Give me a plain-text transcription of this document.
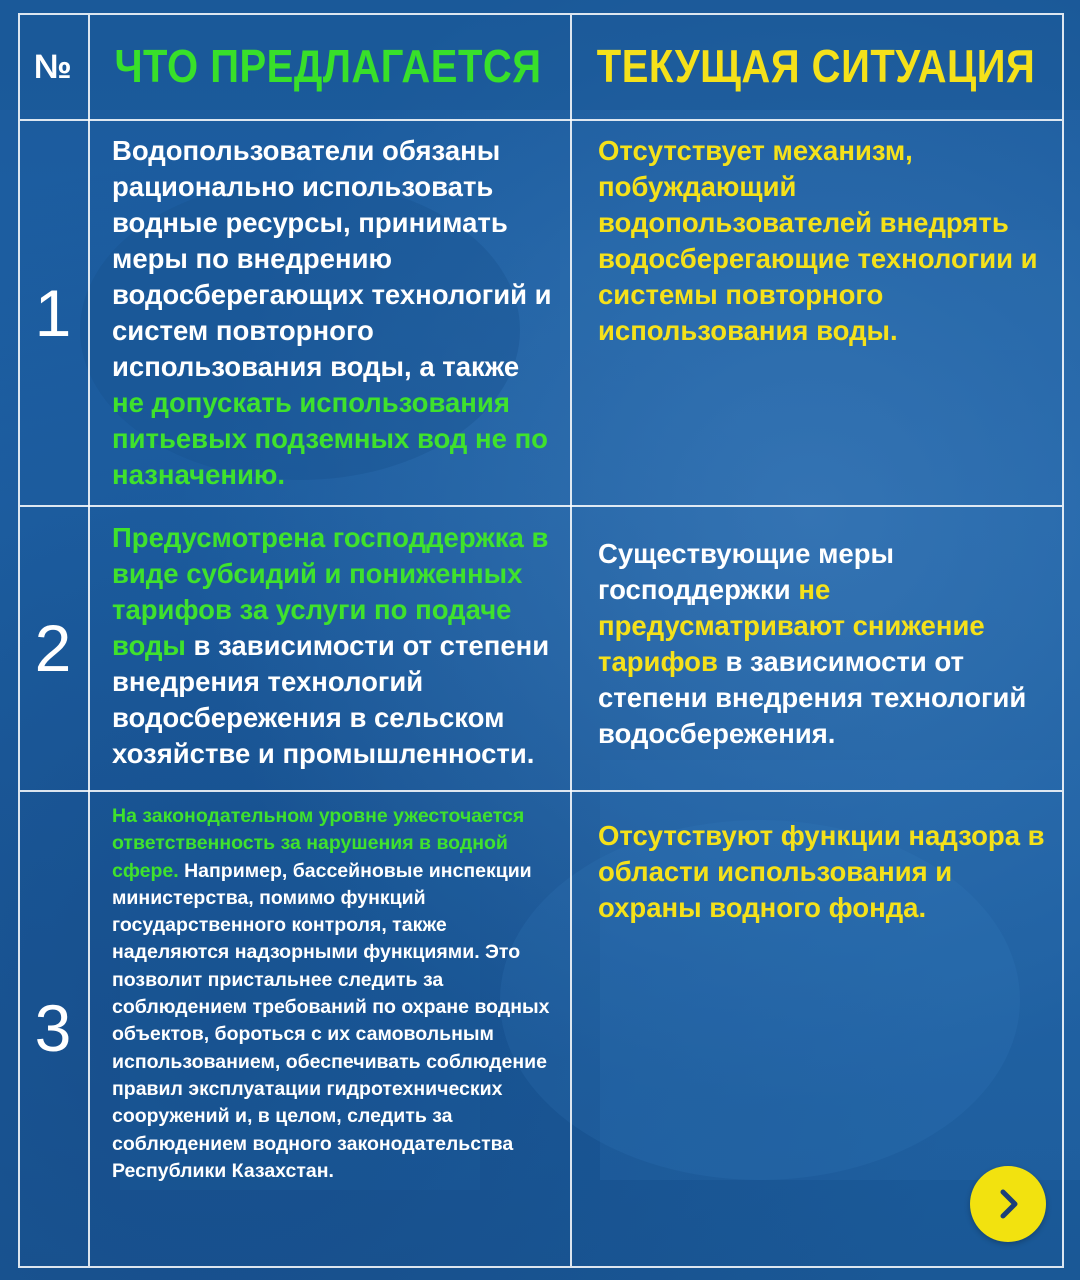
№ ЧТО ПРЕДЛАГАЕТСЯ ТЕКУЩАЯ СИТУАЦИЯ
1
Водопользователи обязаны рационально использовать водные ресурсы, принимать меры по внедрению водосберегающих технологий и систем повторного использования воды, а также не допускать использования питьевых подземных вод не по назначению.
Отсутствует механизм, побуждающий водопользователей внедрять водосберегающие технологии и системы повторного использования воды.
2
Предусмотрена господдержка в виде субсидий и пониженных тарифов за услуги по подаче воды в зависимости от степени внедрения технологий водосбережения в сельском хозяйстве и промышленности.
Существующие меры господдержки не предусматривают снижение тарифов в зависимости от степени внедрения технологий водосбережения.
3
На законодательном уровне ужесточается ответственность за нарушения в водной сфере. Например, бассейновые инспекции министерства, помимо функций государственного контроля, также наделяются надзорными функциями. Это позволит пристальнее следить за соблюдением требований по охране водных объектов, бороться с их самовольным использованием, обеспечивать соблюдение правил эксплуатации гидротехнических сооружений и, в целом, следить за соблюдением водного законодательства Республики Казахстан.
Отсутствуют функции надзора в области использования и охраны водного фонда.
